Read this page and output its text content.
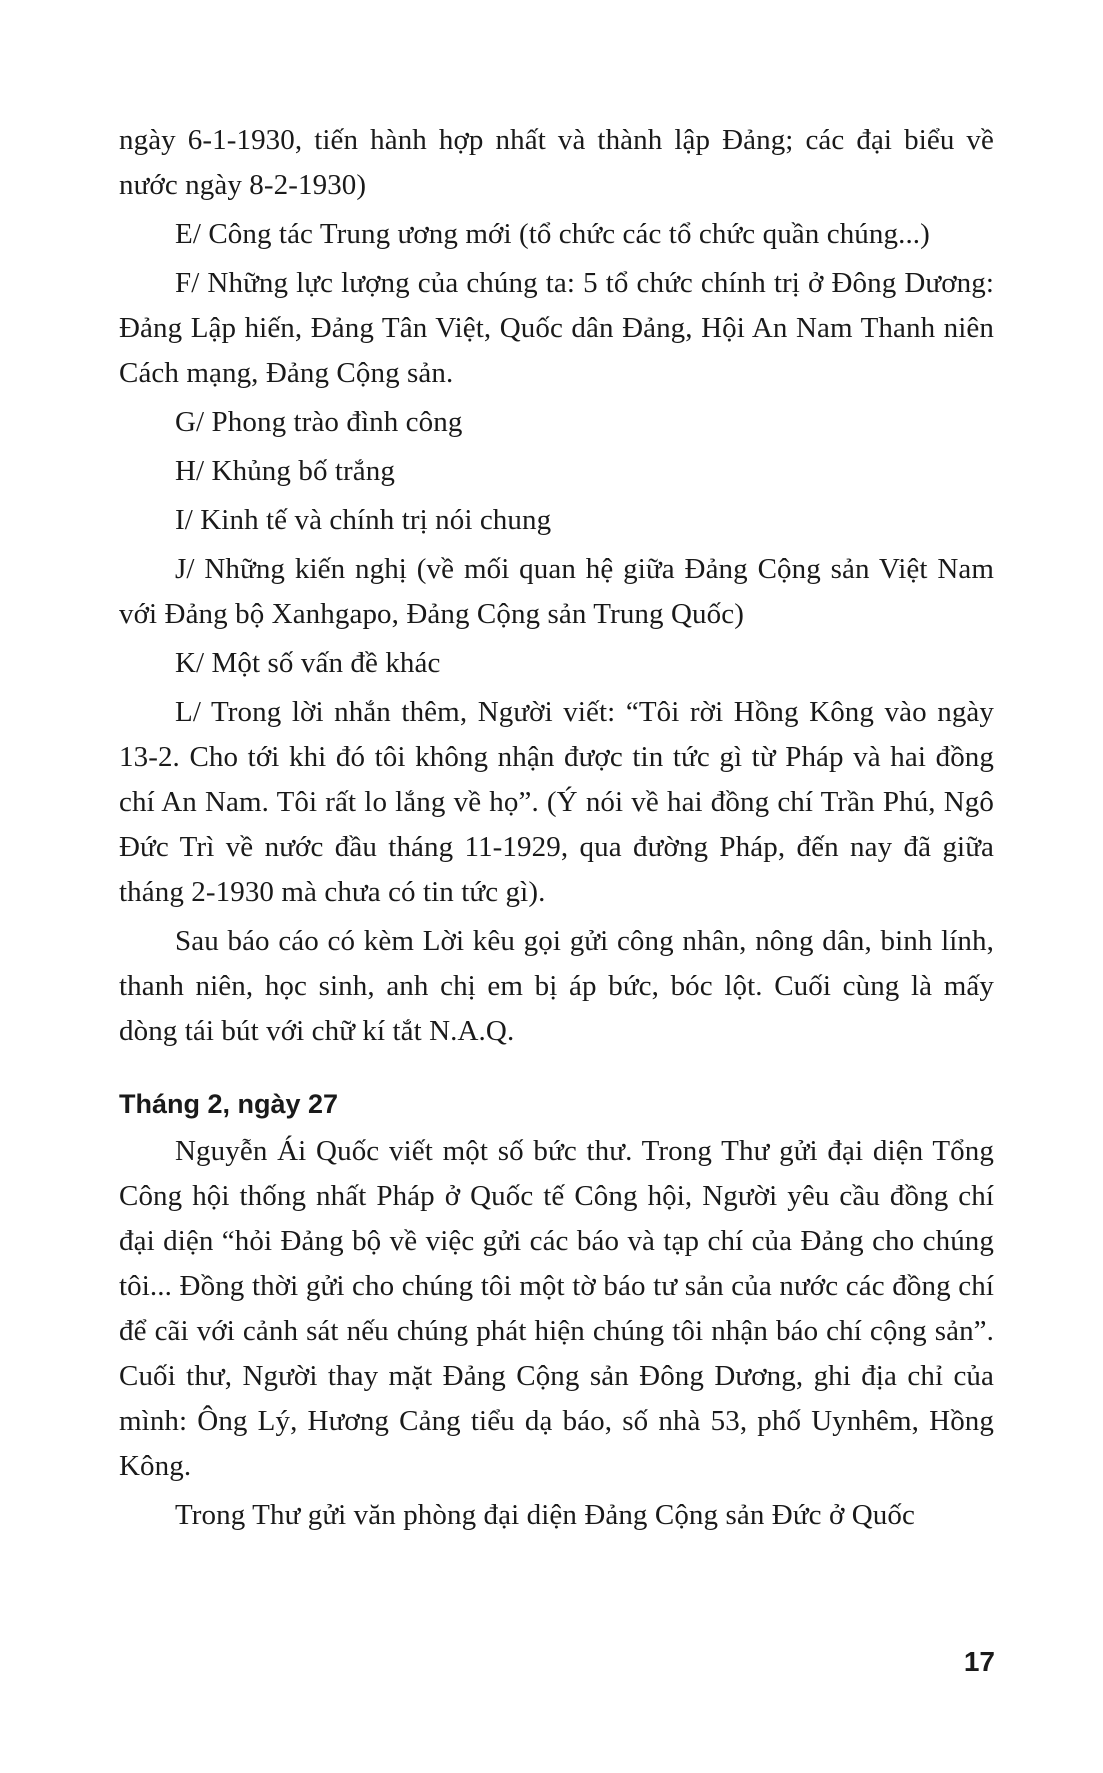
ngày 6-1-1930, tiến hành hợp nhất và thành lập Đảng; các đại biểu về nước ngày 8-2-1930)

E/ Công tác Trung ương mới (tổ chức các tổ chức quần chúng...)

F/ Những lực lượng của chúng ta: 5 tổ chức chính trị ở Đông Dương: Đảng Lập hiến, Đảng Tân Việt, Quốc dân Đảng, Hội An Nam Thanh niên Cách mạng, Đảng Cộng sản.

G/ Phong trào đình công

H/ Khủng bố trắng

I/ Kinh tế và chính trị nói chung

J/ Những kiến nghị (về mối quan hệ giữa Đảng Cộng sản Việt Nam với Đảng bộ Xanhgapo, Đảng Cộng sản Trung Quốc)

K/ Một số vấn đề khác

L/ Trong lời nhắn thêm, Người viết: “Tôi rời Hồng Kông vào ngày 13-2. Cho tới khi đó tôi không nhận được tin tức gì từ Pháp và hai đồng chí An Nam. Tôi rất lo lắng về họ”. (Ý nói về hai đồng chí Trần Phú, Ngô Đức Trì về nước đầu tháng 11-1929, qua đường Pháp, đến nay đã giữa tháng 2-1930 mà chưa có tin tức gì).

Sau báo cáo có kèm Lời kêu gọi gửi công nhân, nông dân, binh lính, thanh niên, học sinh, anh chị em bị áp bức, bóc lột. Cuối cùng là mấy dòng tái bút với chữ kí tắt N.A.Q.

Tháng 2, ngày 27

Nguyễn Ái Quốc viết một số bức thư. Trong Thư gửi đại diện Tổng Công hội thống nhất Pháp ở Quốc tế Công hội, Người yêu cầu đồng chí đại diện “hỏi Đảng bộ về việc gửi các báo và tạp chí của Đảng cho chúng tôi... Đồng thời gửi cho chúng tôi một tờ báo tư sản của nước các đồng chí để cãi với cảnh sát nếu chúng phát hiện chúng tôi nhận báo chí cộng sản”. Cuối thư, Người thay mặt Đảng Cộng sản Đông Dương, ghi địa chỉ của mình: Ông Lý, Hương Cảng tiểu dạ báo, số nhà 53, phố Uynhêm, Hồng Kông.

Trong Thư gửi văn phòng đại diện Đảng Cộng sản Đức ở Quốc

17
